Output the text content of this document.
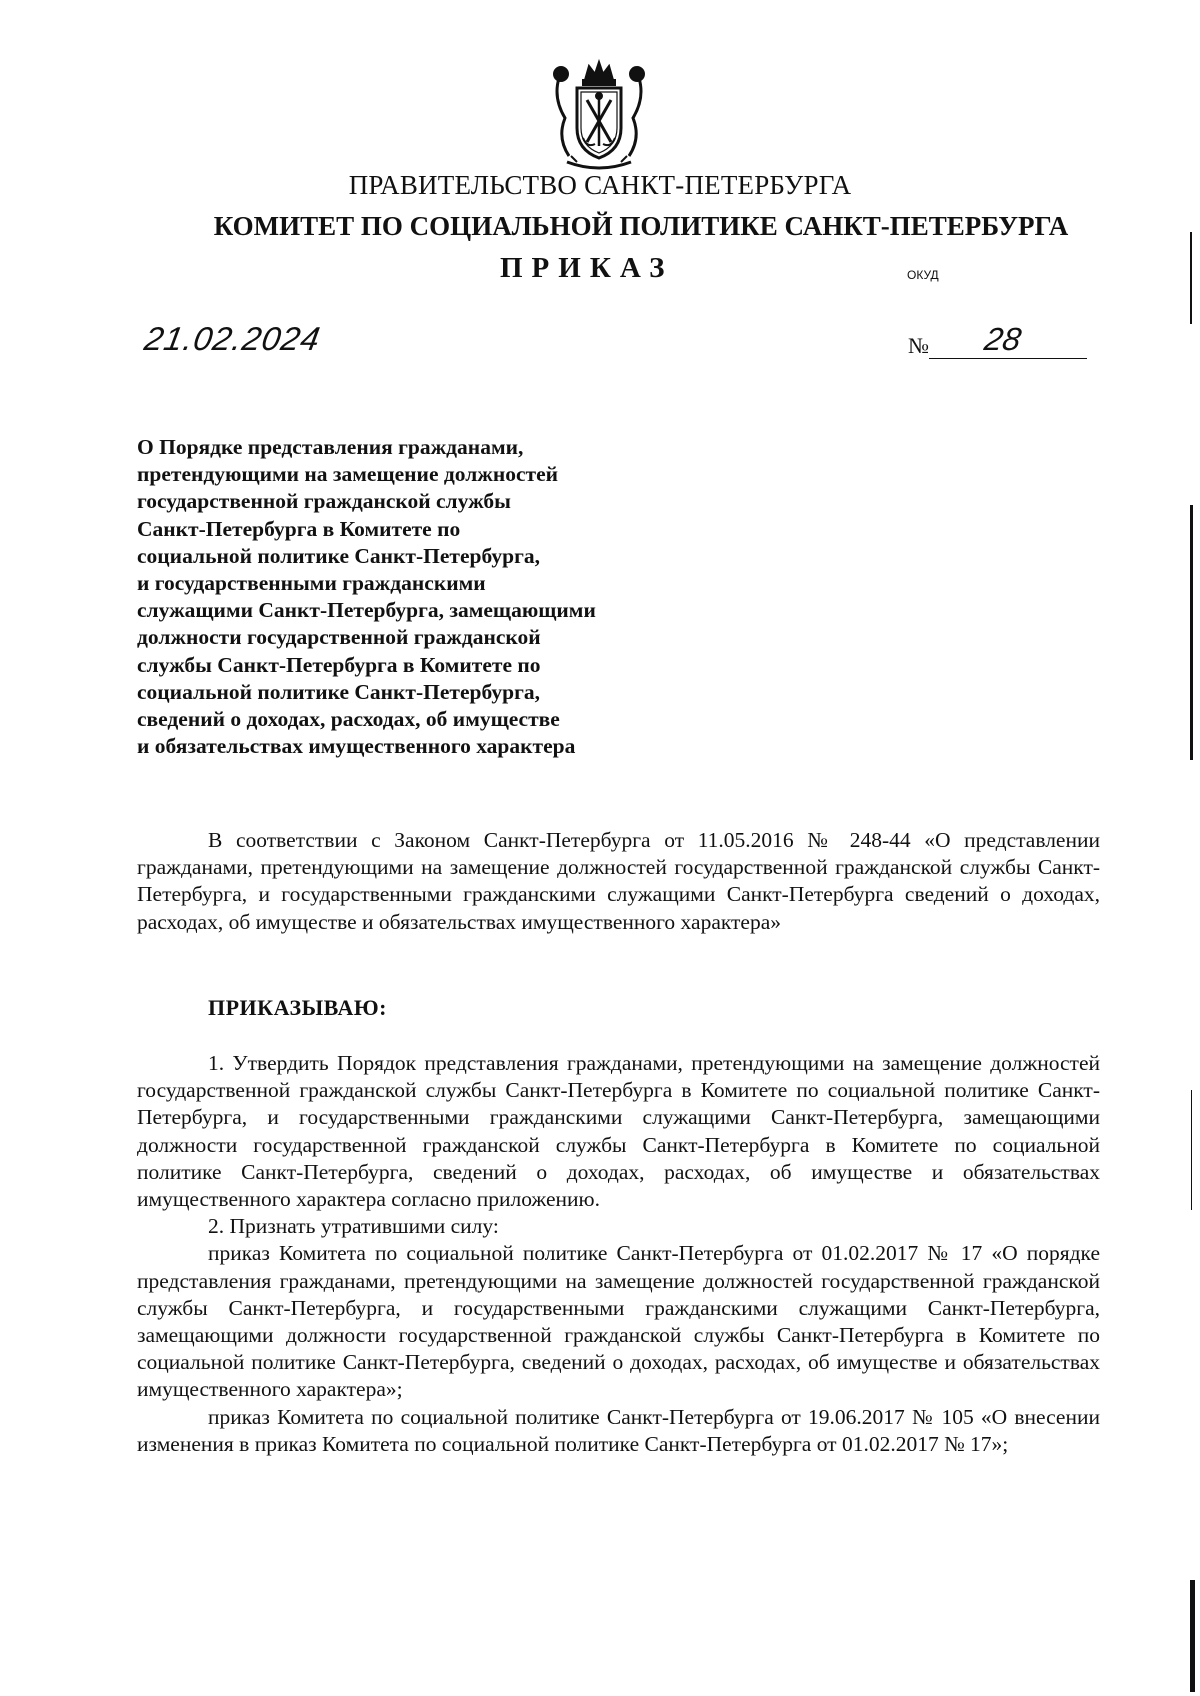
ПРАВИТЕЛЬСТВО САНКТ-ПЕТЕРБУРГА
КОМИТЕТ ПО СОЦИАЛЬНОЙ ПОЛИТИКЕ САНКТ-ПЕТЕРБУРГА
ПРИКАЗ	ОКУД
21.02.2024	№ 28
О Порядке представления гражданами,
претендующими на замещение должностей
государственной гражданской службы
Санкт-Петербурга в Комитете по
социальной политике Санкт-Петербурга,
и государственными гражданскими
служащими Санкт-Петербурга, замещающими
должности государственной гражданской
службы Санкт-Петербурга в Комитете по
социальной политике Санкт-Петербурга,
сведений о доходах, расходах, об имуществе
и обязательствах имущественного характера

В соответствии с Законом Санкт-Петербурга от 11.05.2016 № 248-44 «О представлении гражданами, претендующими на замещение должностей государственной гражданской службы Санкт-Петербурга, и государственными гражданскими служащими Санкт-Петербурга сведений о доходах, расходах, об имуществе и обязательствах имущественного характера»

ПРИКАЗЫВАЮ:

1. Утвердить Порядок представления гражданами, претендующими на замещение должностей государственной гражданской службы Санкт-Петербурга в Комитете по социальной политике Санкт-Петербурга, и государственными гражданскими служащими Санкт-Петербурга, замещающими должности государственной гражданской службы Санкт-Петербурга в Комитете по социальной политике Санкт-Петербурга, сведений о доходах, расходах, об имуществе и обязательствах имущественного характера согласно приложению.

2. Признать утратившими силу:

приказ Комитета по социальной политике Санкт-Петербурга от 01.02.2017 № 17 «О порядке представления гражданами, претендующими на замещение должностей государственной гражданской службы Санкт-Петербурга, и государственными гражданскими служащими Санкт-Петербурга, замещающими должности государственной гражданской службы Санкт-Петербурга в Комитете по социальной политике Санкт-Петербурга, сведений о доходах, расходах, об имуществе и обязательствах имущественного характера»;

приказ Комитета по социальной политике Санкт-Петербурга от 19.06.2017 № 105 «О внесении изменения в приказ Комитета по социальной политике Санкт-Петербурга от 01.02.2017 № 17»;
